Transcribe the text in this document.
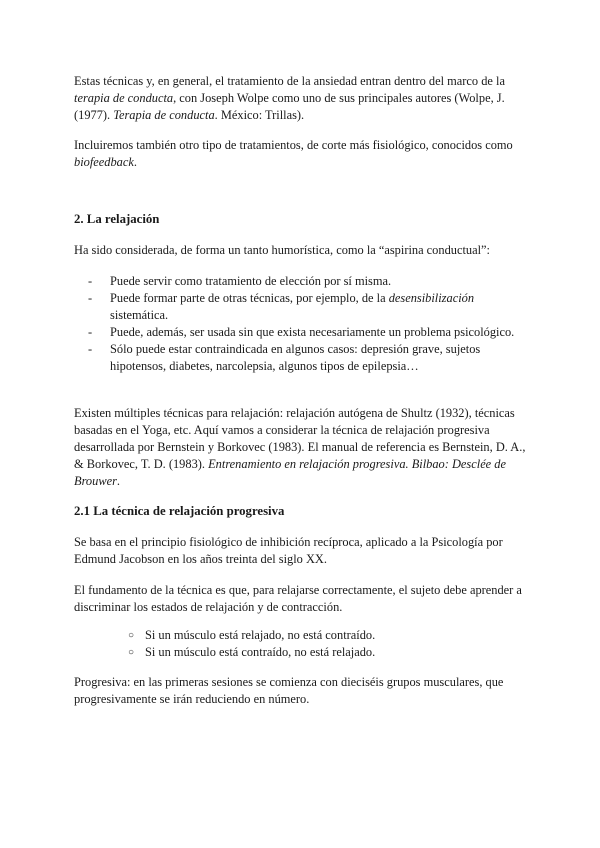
Estas técnicas y, en general, el tratamiento de la ansiedad entran dentro del marco de la terapia de conducta, con Joseph Wolpe como uno de sus principales autores (Wolpe, J. (1977). Terapia de conducta. México: Trillas).

Incluiremos también otro tipo de tratamientos, de corte más fisiológico, conocidos como biofeedback.

2. La relajación

Ha sido considerada, de forma un tanto humorística, como la “aspirina conductual”:

- Puede servir como tratamiento de elección por sí misma.
- Puede formar parte de otras técnicas, por ejemplo, de la desensibilización sistemática.
- Puede, además, ser usada sin que exista necesariamente un problema psicológico.
- Sólo puede estar contraindicada en algunos casos: depresión grave, sujetos hipotensos, diabetes, narcolepsia, algunos tipos de epilepsia…

Existen múltiples técnicas para relajación: relajación autógena de Shultz (1932), técnicas basadas en el Yoga, etc. Aquí vamos a considerar la técnica de relajación progresiva desarrollada por Bernstein y Borkovec (1983). El manual de referencia es Bernstein, D. A., & Borkovec, T. D. (1983). Entrenamiento en relajación progresiva. Bilbao: Desclée de Brouwer.

2.1 La técnica de relajación progresiva

Se basa en el principio fisiológico de inhibición recíproca, aplicado a la Psicología por Edmund Jacobson en los años treinta del siglo XX.

El fundamento de la técnica es que, para relajarse correctamente, el sujeto debe aprender a discriminar los estados de relajación y de contracción.

○ Si un músculo está relajado, no está contraído.
○ Si un músculo está contraído, no está relajado.

Progresiva: en las primeras sesiones se comienza con dieciséis grupos musculares, que progresivamente se irán reduciendo en número.
